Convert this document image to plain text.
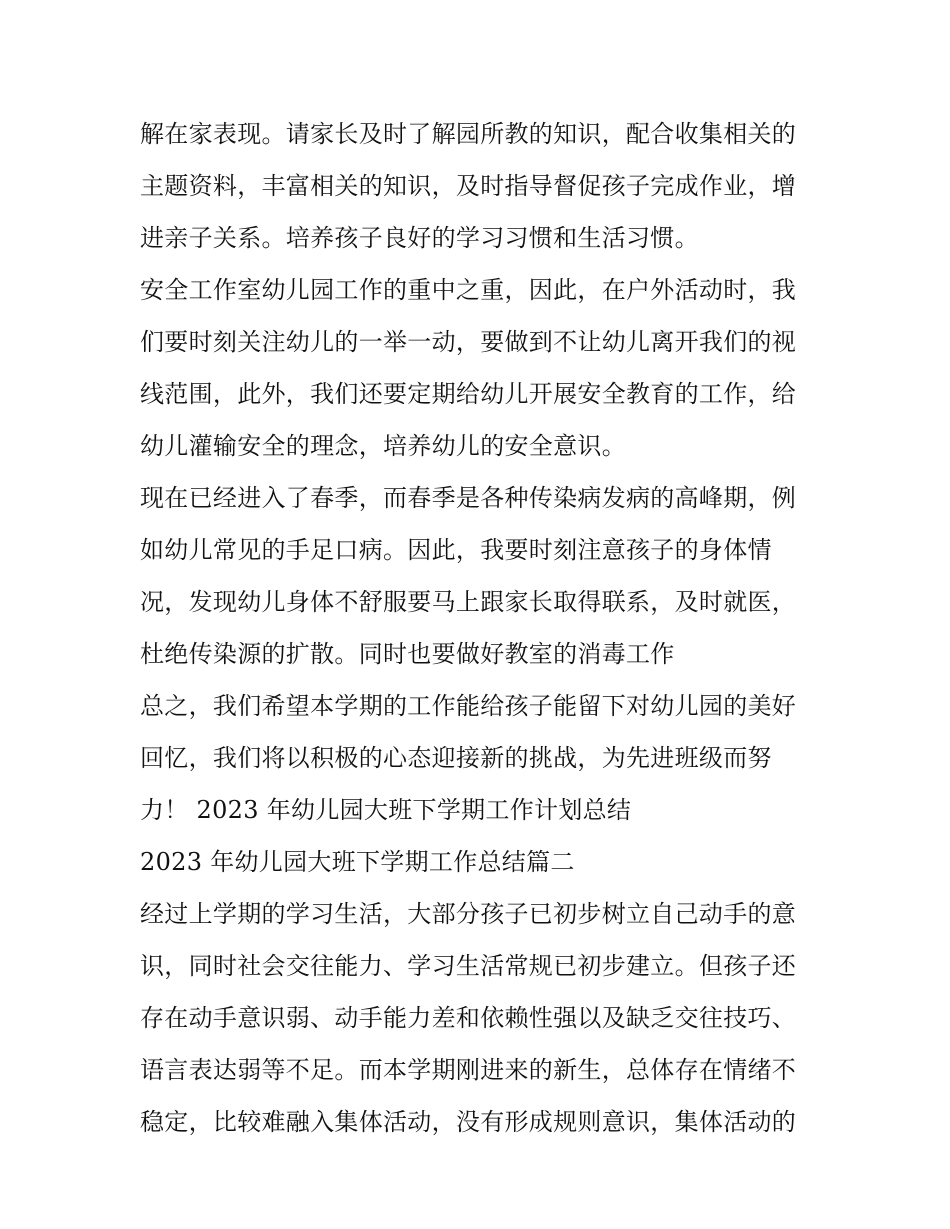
解在家表现。请家长及时了解园所教的知识，配合收集相关的
主题资料，丰富相关的知识，及时指导督促孩子完成作业，增
进亲子关系。培养孩子良好的学习习惯和生活习惯。
安全工作室幼儿园工作的重中之重，因此，在户外活动时，我
们要时刻关注幼儿的一举一动，要做到不让幼儿离开我们的视
线范围，此外，我们还要定期给幼儿开展安全教育的工作，给
幼儿灌输安全的理念，培养幼儿的安全意识。
现在已经进入了春季，而春季是各种传染病发病的高峰期，例
如幼儿常见的手足口病。因此，我要时刻注意孩子的身体情
况，发现幼儿身体不舒服要马上跟家长取得联系，及时就医，
杜绝传染源的扩散。同时也要做好教室的消毒工作
总之，我们希望本学期的工作能给孩子能留下对幼儿园的美好
回忆，我们将以积极的心态迎接新的挑战，为先进班级而努
力！ 2023 年幼儿园大班下学期工作计划总结
2023 年幼儿园大班下学期工作总结篇二
经过上学期的学习生活，大部分孩子已初步树立自己动手的意
识，同时社会交往能力、学习生活常规已初步建立。但孩子还
存在动手意识弱、动手能力差和依赖性强以及缺乏交往技巧、
语言表达弱等不足。而本学期刚进来的新生，总体存在情绪不
稳定，比较难融入集体活动，没有形成规则意识，集体活动的
